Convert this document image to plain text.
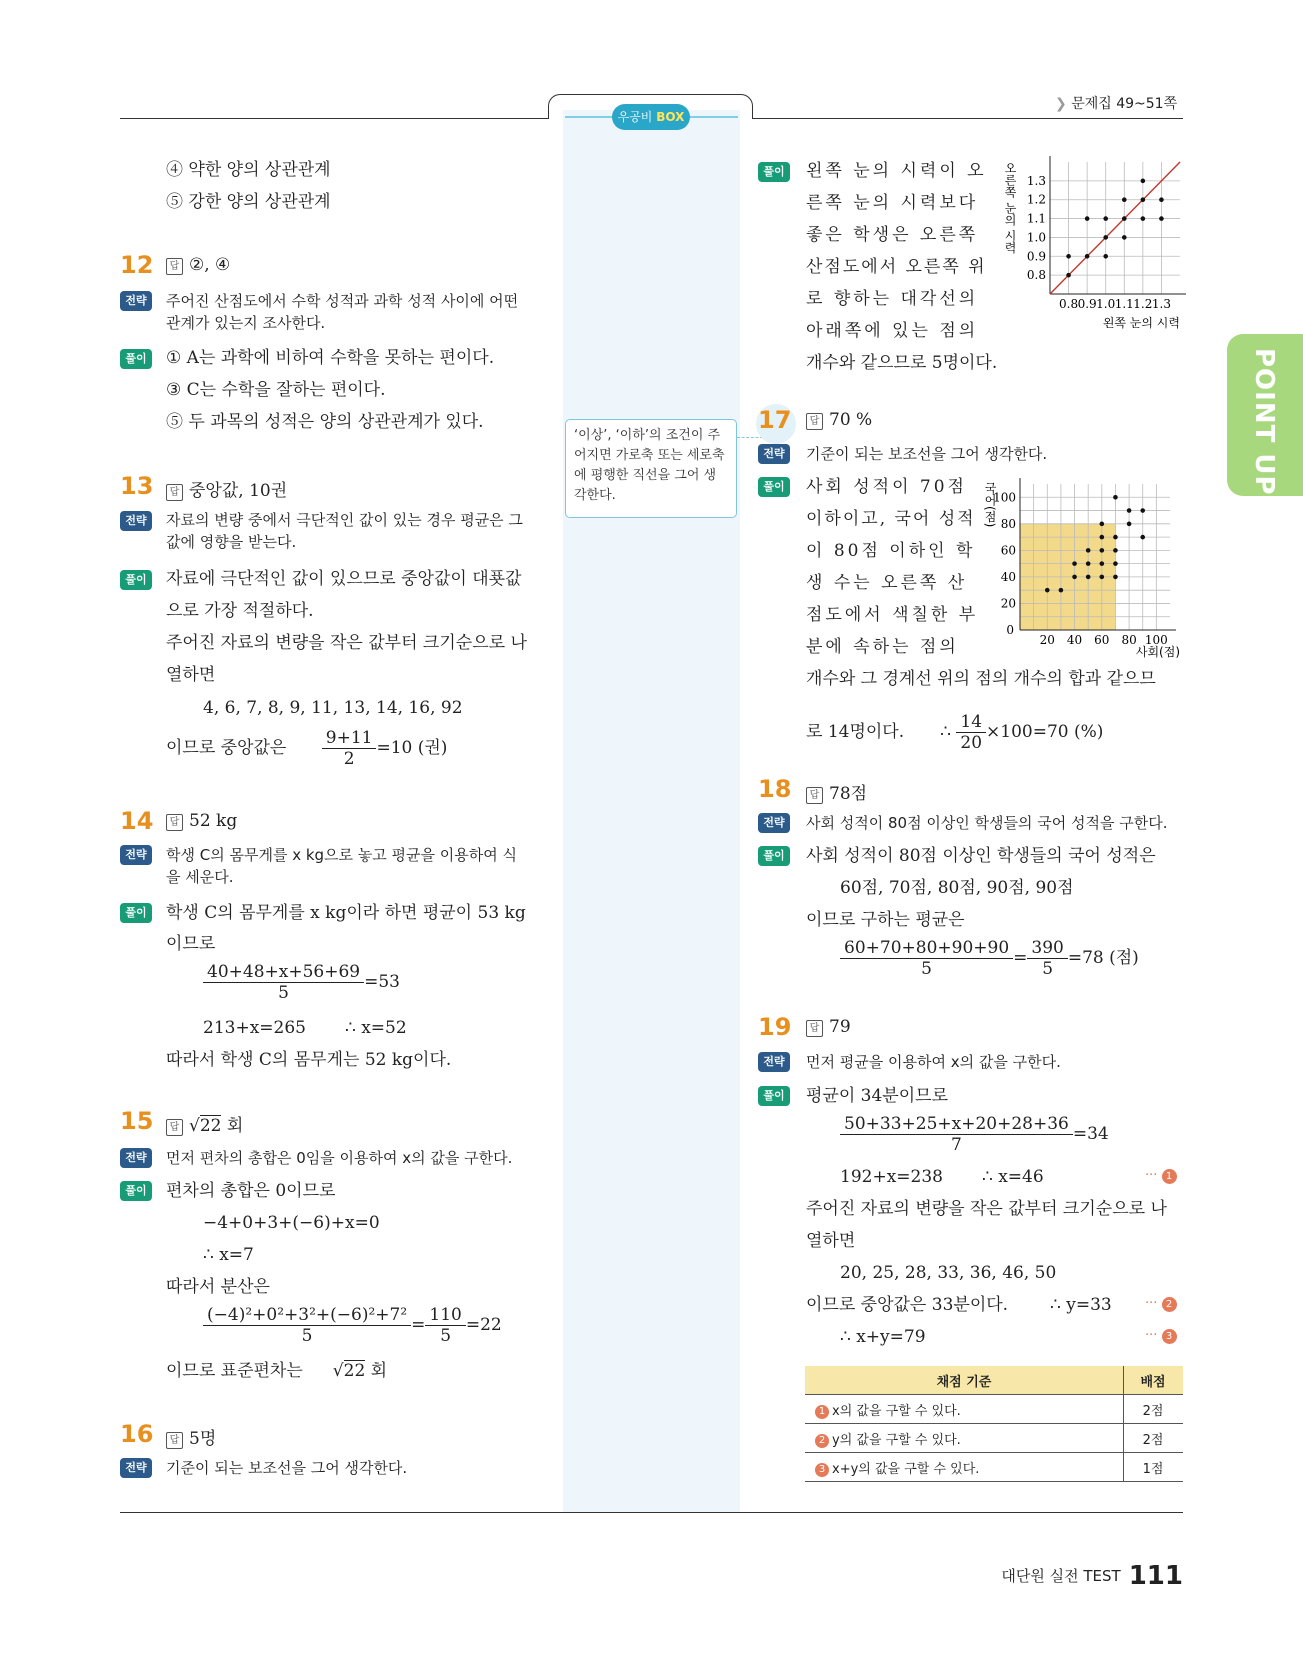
우공비 BOX
❯ 문제집 49~51쪽
POINT UP
‘이상’, ‘이하’의 조건이 주어지면 가로축 또는 세로축에 평행한 직선을 그어 생각한다.
④ 약한 양의 상관관계
⑤ 강한 양의 상관관계
12	답 ②, ④
전략	주어진 산점도에서 수학 성적과 과학 성적 사이에 어떤
관계가 있는지 조사한다.
풀이	① A는 과학에 비하여 수학을 못하는 편이다.
③ C는 수학을 잘하는 편이다.
⑤ 두 과목의 성적은 양의 상관관계가 있다.
13	답 중앙값, 10권
전략	자료의 변량 중에서 극단적인 값이 있는 경우 평균은 그
값에 영향을 받는다.
풀이	자료에 극단적인 값이 있으므로 중앙값이 대푯값
으로 가장 적절하다.
주어진 자료의 변량을 작은 값부터 크기순으로 나
열하면
4, 6, 7, 8, 9, 11, 13, 14, 16, 92
이므로 중앙값은 $\frac{9+11}{2} =10$ (권)
14	답 52 kg
전략	학생 C의 몸무게를 x kg으로 놓고 평균을 이용하여 식
을 세운다.
풀이	학생 C의 몸무게를 x kg이라 하면 평균이 53 kg
이므로
$\frac{40+48+x+56+69}{5} =53$
213+x=265 ∴ x=52
따라서 학생 C의 몸무게는 52 kg이다.
15	답 √22 회
전략	먼저 편차의 총합은 0임을 이용하여 x의 값을 구한다.
풀이	편차의 총합은 0이므로
−4+0+3+(−6)+x=0
∴ x=7
따라서 분산은
$\frac{\text{(−4)²+0²+3²+(−6)²+7²}}{5} = \frac{110}{5} =22$
이므로 표준편차는 √22 회
16	답 5명
전략	기준이 되는 보조선을 그어 생각한다.
풀이	왼쪽 눈의 시력이 오
른쪽 눈의 시력보다
좋은 학생은 오른쪽
산점도에서 오른쪽 위
로 향하는 대각선의
아래쪽에 있는 점의
개수와 같으므로 5명이다.
오른쪽 눈의 시력
왼쪽 눈의 시력
0.8 0.9 1.0 1.1 1.2 1.3
0.8
0.9
1.0
1.1
1.2
1.3
17	답 70 %
전략	기준이 되는 보조선을 그어 생각한다.
풀이	사회 성적이 70점
이하이고, 국어 성적
이 80점 이하인 학
생 수는 오른쪽 산
점도에서 색칠한 부
분에 속하는 점의
개수와 그 경계선 위의 점의 개수의 합과 같으므
로 14명이다. ∴ $\frac{14}{20} \times 100=70$ (%)
국어(점)
사회(점)
20 40 60 80 100
20
40
60
80
100
0
18	답 78점
전략	사회 성적이 80점 이상인 학생들의 국어 성적을 구한다.
풀이	사회 성적이 80점 이상인 학생들의 국어 성적은
60점, 70점, 80점, 90점, 90점
이므로 구하는 평균은
$\frac{60+70+80+90+90}{5} = \frac{390}{5} =78$ (점)
19	답 79
전략	먼저 평균을 이용하여 x의 값을 구한다.
풀이	평균이 34분이므로
$\frac{50+33+25+x+20+28+36}{7} =34$
192+x=238 ∴ x=46	··· 1
주어진 자료의 변량을 작은 값부터 크기순으로 나
열하면
20, 25, 28, 33, 36, 46, 50
이므로 중앙값은 33분이다. ∴ y=33	··· 2
∴ x+y=79	··· 3
채점 기준	배점
1 x의 값을 구할 수 있다.	2점
2 y의 값을 구할 수 있다.	2점
3 x+y의 값을 구할 수 있다.	1점
대단원 실전 TEST 111
